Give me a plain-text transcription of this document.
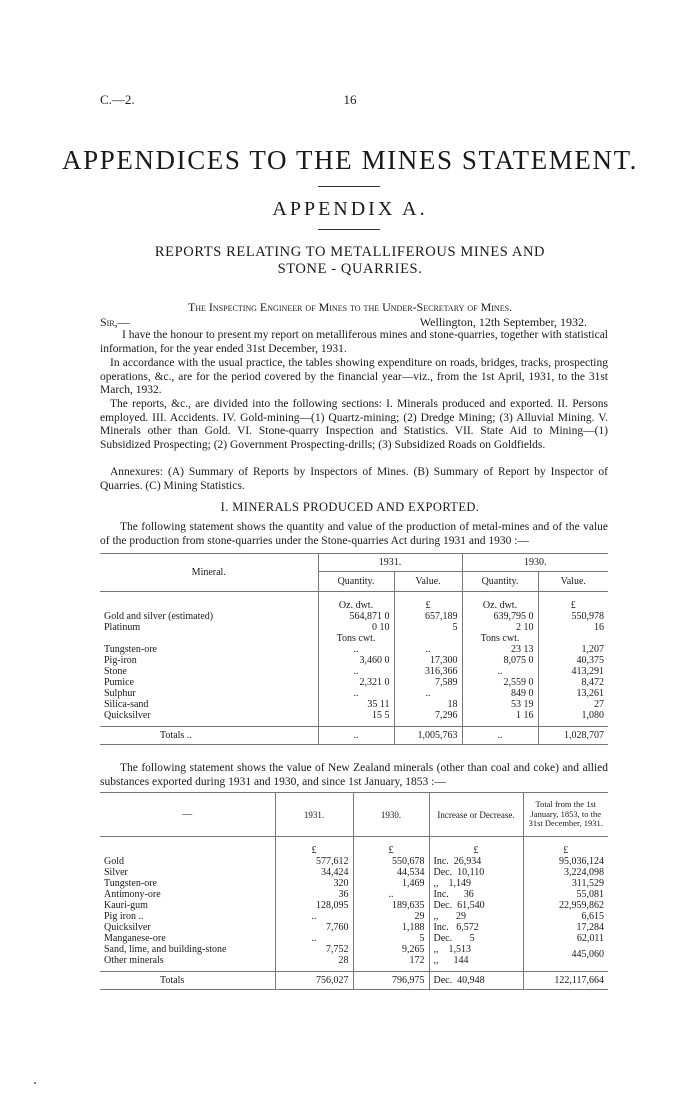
C.—2.	16
APPENDICES TO THE MINES STATEMENT.
APPENDIX A.
REPORTS RELATING TO METALLIFEROUS MINES AND
STONE - QUARRIES.
The Inspecting Engineer of Mines to the Under-Secretary of Mines.
Sir,—	Wellington, 12th September, 1932.
I have the honour to present my report on metalliferous mines and stone-quarries, together with statistical information, for the year ended 31st December, 1931.
In accordance with the usual practice, the tables showing expenditure on roads, bridges, tracks, prospecting operations, &c., are for the period covered by the financial year—viz., from the 1st April, 1931, to the 31st March, 1932.
The reports, &c., are divided into the following sections: I. Minerals produced and exported. II. Persons employed. III. Accidents. IV. Gold-mining—(1) Quartz-mining; (2) Dredge Mining; (3) Alluvial Mining. V. Minerals other than Gold. VI. Stone-quarry Inspection and Statistics. VII. State Aid to Mining—(1) Subsidized Prospecting; (2) Government Prospecting-drills; (3) Subsidized Roads on Goldfields.
Annexures: (A) Summary of Reports by Inspectors of Mines. (B) Summary of Report by Inspector of Quarries. (C) Mining Statistics.
I. MINERALS PRODUCED AND EXPORTED.
The following statement shows the quantity and value of the production of metal-mines and of the value of the production from stone-quarries under the Stone-quarries Act during 1931 and 1930 :—
Mineral.	1931.		1930.	
	Quantity.	Value.	Quantity.	Value.

	Oz. dwt.	£	Oz. dwt.	£
Gold and silver (estimated)	564,871 0	657,189	639,795 0	550,978
Platinum	0 10	5	2 10	16
	Tons cwt.		Tons cwt.	
Tungsten-ore	..	..	23 13	1,207
Pig-iron	3,460 0	17,300	8,075 0	40,375
Stone	..	316,366	..	413,291
Pumice	2,321 0	7,589	2,559 0	8,472
Sulphur	..	..	849 0	13,261
Silica-sand	35 11	18	53 19	27
Quicksilver	15 5	7,296	1 16	1,080

Totals ..	..	1,005,763	..	1,028,707
The following statement shows the value of New Zealand minerals (other than coal and coke) and allied substances exported during 1931 and 1930, and since 1st January, 1853 :—
—	1931.	1930.	Increase or Decrease.	Total from the 1st January, 1853, to the 31st December, 1931.

	£	£	£	£
Gold	577,612	550,678	Inc.  26,934	95,036,124
Silver	34,424	44,534	Dec.  10,110	3,224,098
Tungsten-ore	320	1,469	,,    1,149	311,529
Antimony-ore	36	..	Inc.      36	55,081
Kauri-gum	128,095	189,635	Dec.  61,540	22,959,862
Pig iron ..	..	29	,,       29	6,615
Quicksilver	7,760	1,188	Inc.   6,572	17,284
Manganese-ore	..	5	Dec.       5	62,011
Sand, lime, and building-stone	7,752	9,265	,,    1,513	445,060
Other minerals	28	172	,,      144	

Totals	756,027	796,975	Dec.  40,948	122,117,664
